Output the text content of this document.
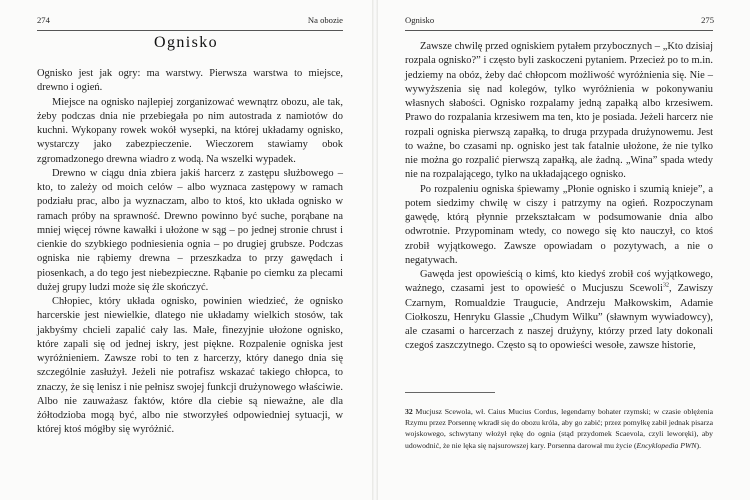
274	Na obozie
Ognisko

Ognisko jest jak ogry: ma warstwy. Pierwsza warstwa to miejsce, drewno i ogień.

Miejsce na ognisko najlepiej zorganizować wewnątrz obozu, ale tak, żeby podczas dnia nie przebiegała po nim autostrada z namiotów do kuchni. Wykopany rowek wokół wysepki, na której układamy ognisko, wystarczy jako zabezpieczenie. Wieczorem stawiamy obok zgromadzonego drewna wiadro z wodą. Na wszelki wypadek.

Drewno w ciągu dnia zbiera jakiś harcerz z zastępu służbowego – kto, to zależy od moich celów – albo wyznaca zastępowy w ramach podziału prac, albo ja wyznaczam, albo to ktoś, kto układa ognisko w ramach próby na sprawność. Drewno powinno być suche, porąbane na mniej więcej równe kawałki i ułożone w sąg – po jednej stronie chrust i cienkie do szybkiego podniesienia ognia – po drugiej grubsze. Podczas ogniska nie rąbiemy drewna – przeszkadza to przy gawędach i piosenkach, a do tego jest niebezpieczne. Rąbanie po ciemku za plecami dużej grupy ludzi może się źle skończyć.

Chłopiec, który układa ognisko, powinien wiedzieć, że ognisko harcerskie jest niewielkie, dlatego nie układamy wielkich stosów, tak jakbyśmy chcieli zapalić cały las. Małe, finezyjnie ułożone ognisko, które zapali się od jednej iskry, jest piękne. Rozpalenie ogniska jest wyróżnieniem. Zawsze robi to ten z harcerzy, który danego dnia się szczególnie zasłużył. Jeżeli nie potrafisz wskazać takiego chłopca, to znaczy, że się lenisz i nie pełnisz swojej funkcji drużynowego właściwie. Albo nie zauważasz faktów, które dla ciebie są nieważne, ale dla żółtodzioba mogą być, albo nie stworzyłeś odpowiedniej sytuacji, w której ktoś mógłby się wyróżnić.

Ognisko	275

Zawsze chwilę przed ogniskiem pytałem przybocznych – „Kto dzisiaj rozpala ognisko?” i często byli zaskoczeni pytaniem. Przecież po to m.in. jedziemy na obóz, żeby dać chłopcom możliwość wyróżnienia się. Nie – wywyższenia się nad kolegów, tylko wyróżnienia w pokonywaniu własnych słabości. Ognisko rozpalamy jedną zapałką albo krzesiwem. Prawo do rozpalania krzesiwem ma ten, kto je posiada. Jeżeli harcerz nie rozpali ogniska pierwszą zapałką, to druga przypada drużynowemu. Jest to ważne, bo czasami np. ognisko jest tak fatalnie ułożone, że nie tylko nie można go rozpalić pierwszą zapałką, ale żadną. „Wina” spada wtedy nie na rozpalającego, tylko na układającego ognisko.

Po rozpaleniu ogniska śpiewamy „Płonie ognisko i szumią knieje”, a potem siedzimy chwilę w ciszy i patrzymy na ogień. Rozpoczynam gawędę, którą płynnie przekształcam w podsumowanie dnia albo odwrotnie. Przypominam wtedy, co nowego się kto nauczył, co ktoś zrobił wyjątkowego. Zawsze opowiadam o pozytywach, a nie o negatywach.

Gawęda jest opowieścią o kimś, kto kiedyś zrobił coś wyjątkowego, ważnego, czasami jest to opowieść o Mucjuszu Scewoli$^{32}$, Zawiszy Czarnym, Romualdzie Traugucie, Andrzeju Małkowskim, Adamie Ciołkoszu, Henryku Glassie „Chudym Wilku” (sławnym wywiadowcy), ale czasami o harcerzach z naszej drużyny, którzy przed laty dokonali czegoś zaszczytnego. Często są to opowieści wesołe, zawsze historie,

32 Mucjusz Scewola, wł. Caius Mucius Cordus, legendarny bohater rzymski; w czasie oblężenia Rzymu przez Porsennę wkradł się do obozu króla, aby go zabić; przez pomyłkę zabił jednak pisarza wojskowego, schwytany włożył rękę do ognia (stąd przydomek Scaevola, czyli leworęki), aby udowodnić, że nie lęka się najsurowszej kary. Porsenna darował mu życie (Encyklopedia PWN).
